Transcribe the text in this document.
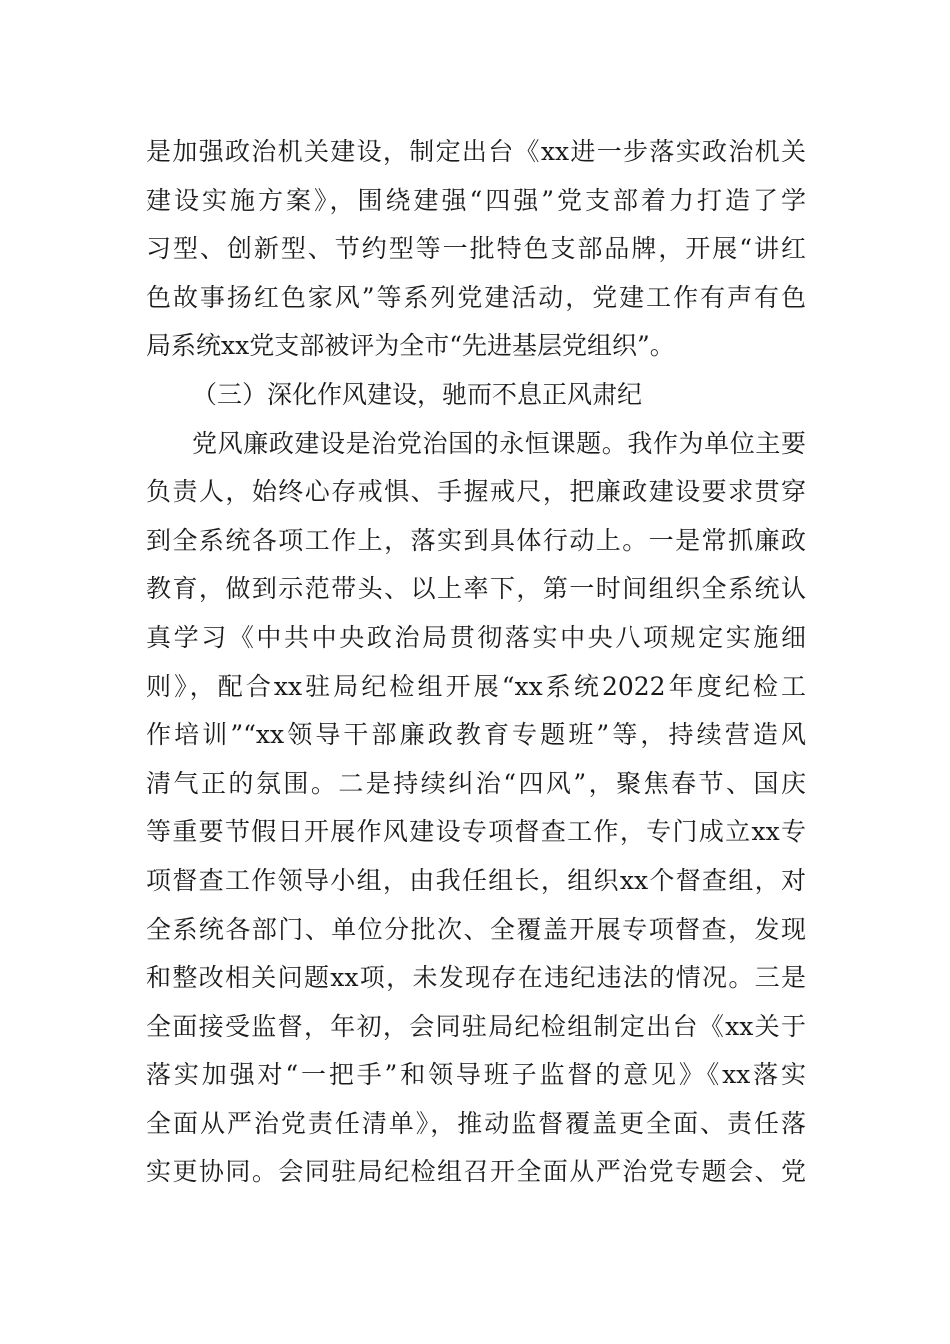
是加强政治机关建设，制定出台《xx进一步落实政治机关
建设实施方案》，围绕建强“四强”党支部着力打造了学
习型、创新型、节约型等一批特色支部品牌，开展“讲红
色故事扬红色家风”等系列党建活动，党建工作有声有色
局系统xx党支部被评为全市“先进基层党组织”。
（三）深化作风建设，驰而不息正风肃纪
党风廉政建设是治党治国的永恒课题。我作为单位主要
负责人，始终心存戒惧、手握戒尺，把廉政建设要求贯穿
到全系统各项工作上，落实到具体行动上。一是常抓廉政
教育，做到示范带头、以上率下，第一时间组织全系统认
真学习《中共中央政治局贯彻落实中央八项规定实施细
则》，配合xx驻局纪检组开展“xx系统2022年度纪检工
作培训”“xx领导干部廉政教育专题班”等，持续营造风
清气正的氛围。二是持续纠治“四风”，聚焦春节、国庆
等重要节假日开展作风建设专项督查工作，专门成立xx专
项督查工作领导小组，由我任组长，组织xx个督查组，对
全系统各部门、单位分批次、全覆盖开展专项督查，发现
和整改相关问题xx项，未发现存在违纪违法的情况。三是
全面接受监督，年初，会同驻局纪检组制定出台《xx关于
落实加强对“一把手”和领导班子监督的意见》《xx落实
全面从严治党责任清单》，推动监督覆盖更全面、责任落
实更协同。会同驻局纪检组召开全面从严治党专题会、党
